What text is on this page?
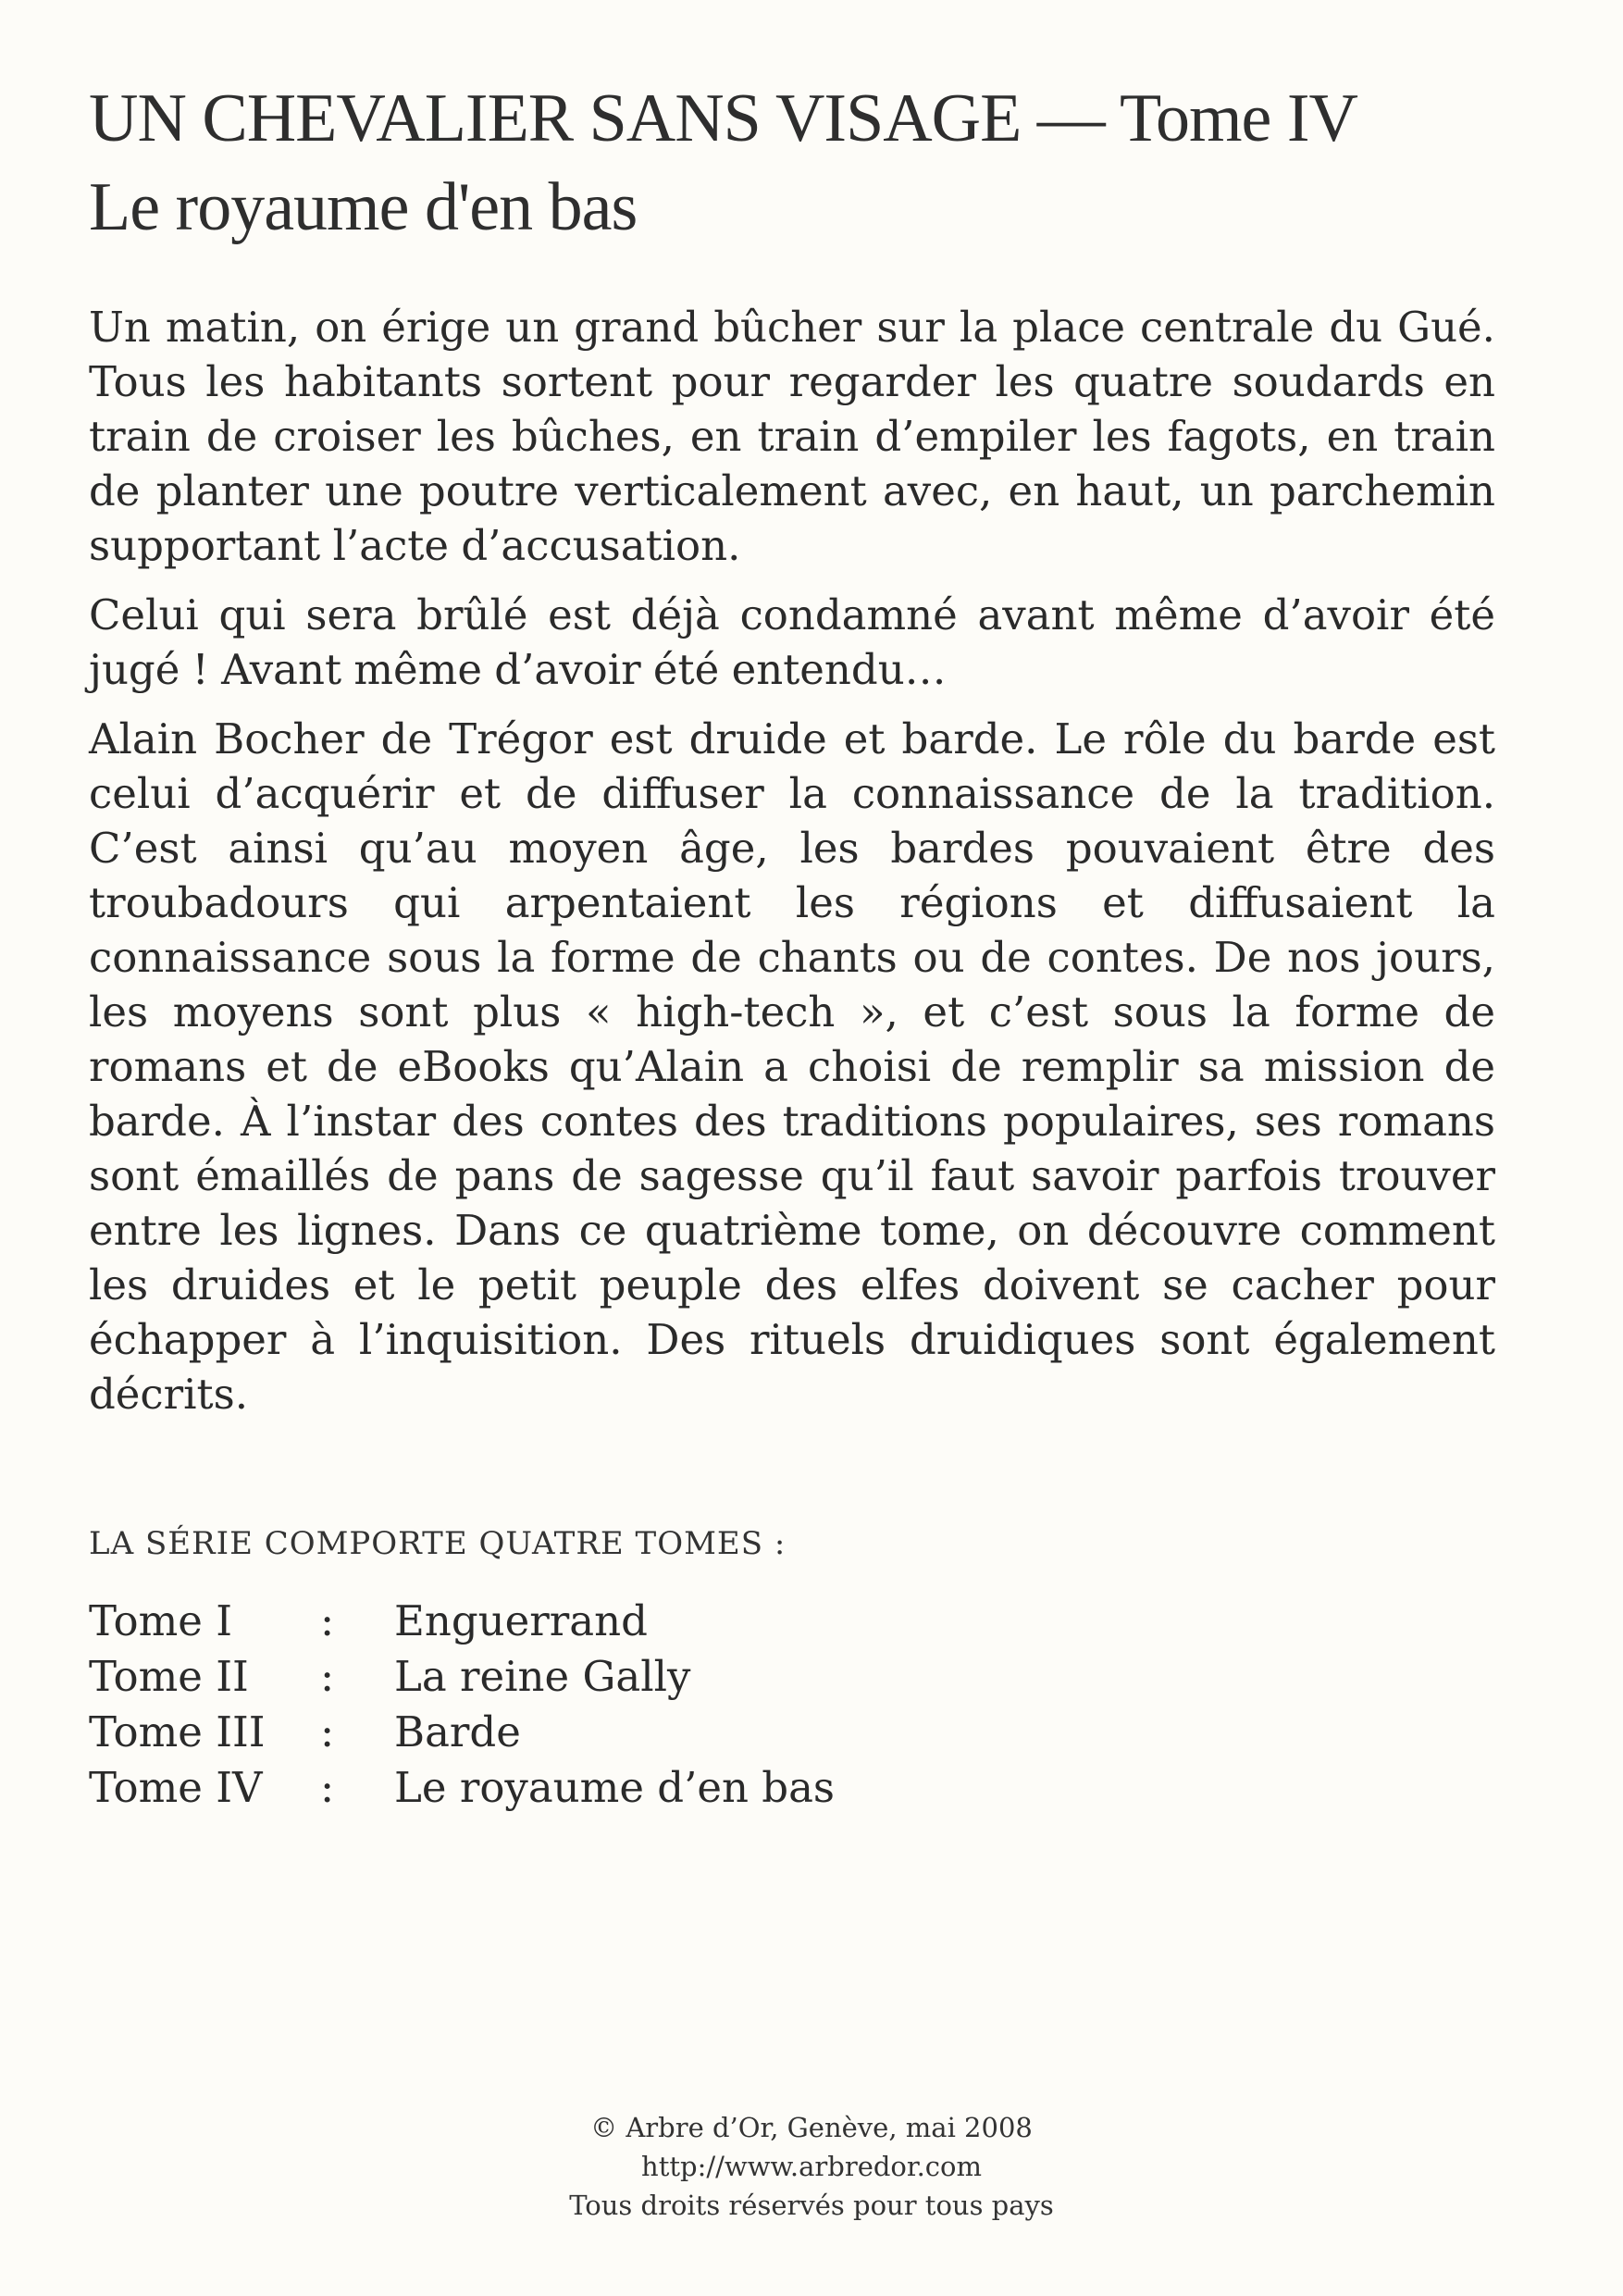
UN CHEVALIER SANS VISAGE — Tome IV
Le royaume d'en bas

Un matin, on érige un grand bûcher sur la place centrale du Gué. Tous les habitants sortent pour regarder les quatre soudards en train de croiser les bûches, en train d’empiler les fagots, en train de planter une poutre verticalement avec, en haut, un parchemin supportant l’acte d’accusation.

Celui qui sera brûlé est déjà condamné avant même d’avoir été jugé ! Avant même d’avoir été entendu…

Alain Bocher de Trégor est druide et barde. Le rôle du barde est celui d’acquérir et de diffuser la connaissance de la tradition. C’est ainsi qu’au moyen âge, les bardes pouvaient être des troubadours qui arpentaient les régions et diffusaient la connaissance sous la forme de chants ou de contes. De nos jours, les moyens sont plus « high-tech », et c’est sous la forme de romans et de eBooks qu’Alain a choisi de remplir sa mission de barde. À l’instar des contes des traditions populaires, ses romans sont émaillés de pans de sagesse qu’il faut savoir parfois trouver entre les lignes. Dans ce quatrième tome, on découvre comment les druides et le petit peuple des elfes doivent se cacher pour échapper à l’inquisition. Des rituels druidiques sont également décrits.

LA SÉRIE COMPORTE QUATRE TOMES :
Tome I	:	Enguerrand
Tome II	:	La reine Gally
Tome III	:	Barde
Tome IV	:	Le royaume d’en bas
© Arbre d’Or, Genève, mai 2008
http://www.arbredor.com
Tous droits réservés pour tous pays
